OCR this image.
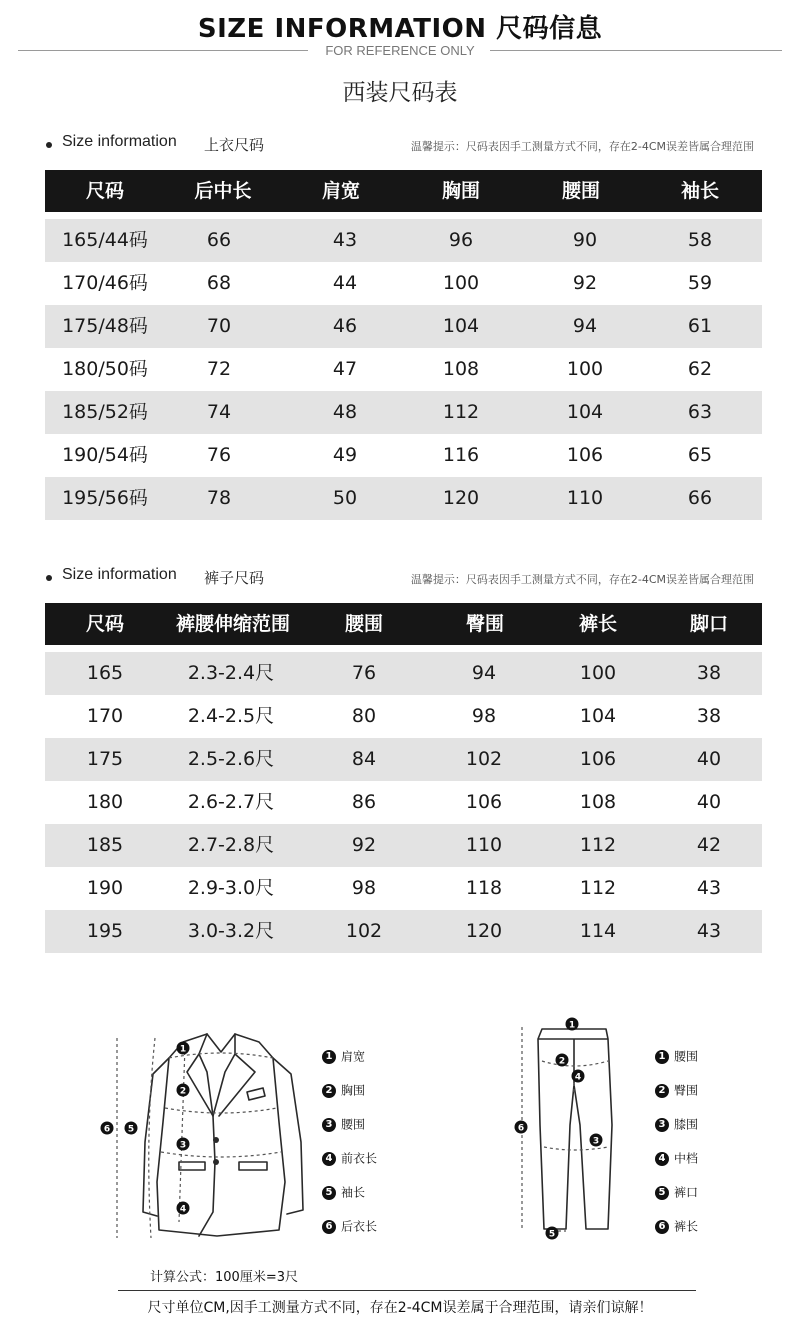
SIZE INFORMATION 尺码信息
FOR REFERENCE ONLY
西装尺码表
Size information 上衣尺码	温馨提示：尺码表因手工测量方式不同，存在2-4CM误差皆属合理范围
尺码	后中长	肩宽	胸围	腰围	袖长
165/44码	66	43	96	90	58
170/46码	68	44	100	92	59
175/48码	70	46	104	94	61
180/50码	72	47	108	100	62
185/52码	74	48	112	104	63
190/54码	76	49	116	106	65
195/56码	78	50	120	110	66
Size information 裤子尺码	温馨提示：尺码表因手工测量方式不同，存在2-4CM误差皆属合理范围
尺码	裤腰伸缩范围	腰围	臀围	裤长	脚口
165	2.3-2.4尺	76	94	100	38
170	2.4-2.5尺	80	98	104	38
175	2.5-2.6尺	84	102	106	40
180	2.6-2.7尺	86	106	108	40
185	2.7-2.8尺	92	110	112	42
190	2.9-3.0尺	98	118	112	43
195	3.0-3.2尺	102	120	114	43
1
2
3
4
5
6
1 肩宽
2 胸围
3 腰围
4 前衣长
5 袖长
6 后衣长
1
2
3
4
5
6
1 腰围
2 臀围
3 膝围
4 中档
5 裤口
6 裤长
计算公式：100厘米=3尺
尺寸单位CM,因手工测量方式不同，存在2-4CM误差属于合理范围，请亲们谅解！
